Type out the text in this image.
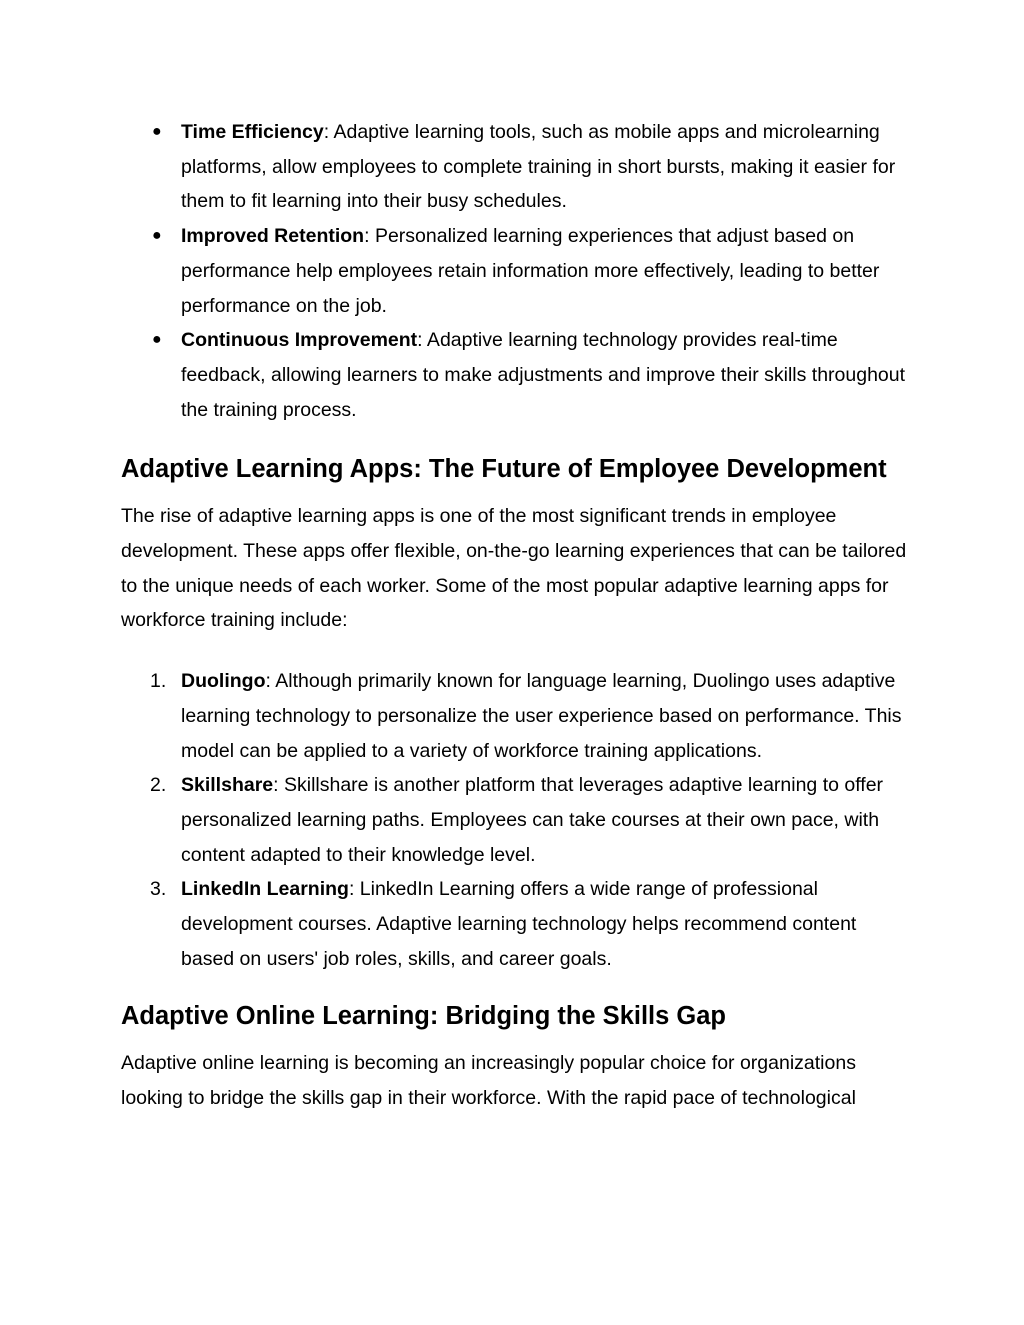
● Time Efficiency: Adaptive learning tools, such as mobile apps and microlearning platforms, allow employees to complete training in short bursts, making it easier for them to fit learning into their busy schedules.
● Improved Retention: Personalized learning experiences that adjust based on performance help employees retain information more effectively, leading to better performance on the job.
● Continuous Improvement: Adaptive learning technology provides real-time feedback, allowing learners to make adjustments and improve their skills throughout the training process.
Adaptive Learning Apps: The Future of Employee Development

The rise of adaptive learning apps is one of the most significant trends in employee development. These apps offer flexible, on-the-go learning experiences that can be tailored to the unique needs of each worker. Some of the most popular adaptive learning apps for workforce training include:

1. Duolingo: Although primarily known for language learning, Duolingo uses adaptive learning technology to personalize the user experience based on performance. This model can be applied to a variety of workforce training applications.
2. Skillshare: Skillshare is another platform that leverages adaptive learning to offer personalized learning paths. Employees can take courses at their own pace, with content adapted to their knowledge level.
3. LinkedIn Learning: LinkedIn Learning offers a wide range of professional development courses. Adaptive learning technology helps recommend content based on users' job roles, skills, and career goals.
Adaptive Online Learning: Bridging the Skills Gap

Adaptive online learning is becoming an increasingly popular choice for organizations looking to bridge the skills gap in their workforce. With the rapid pace of technological
